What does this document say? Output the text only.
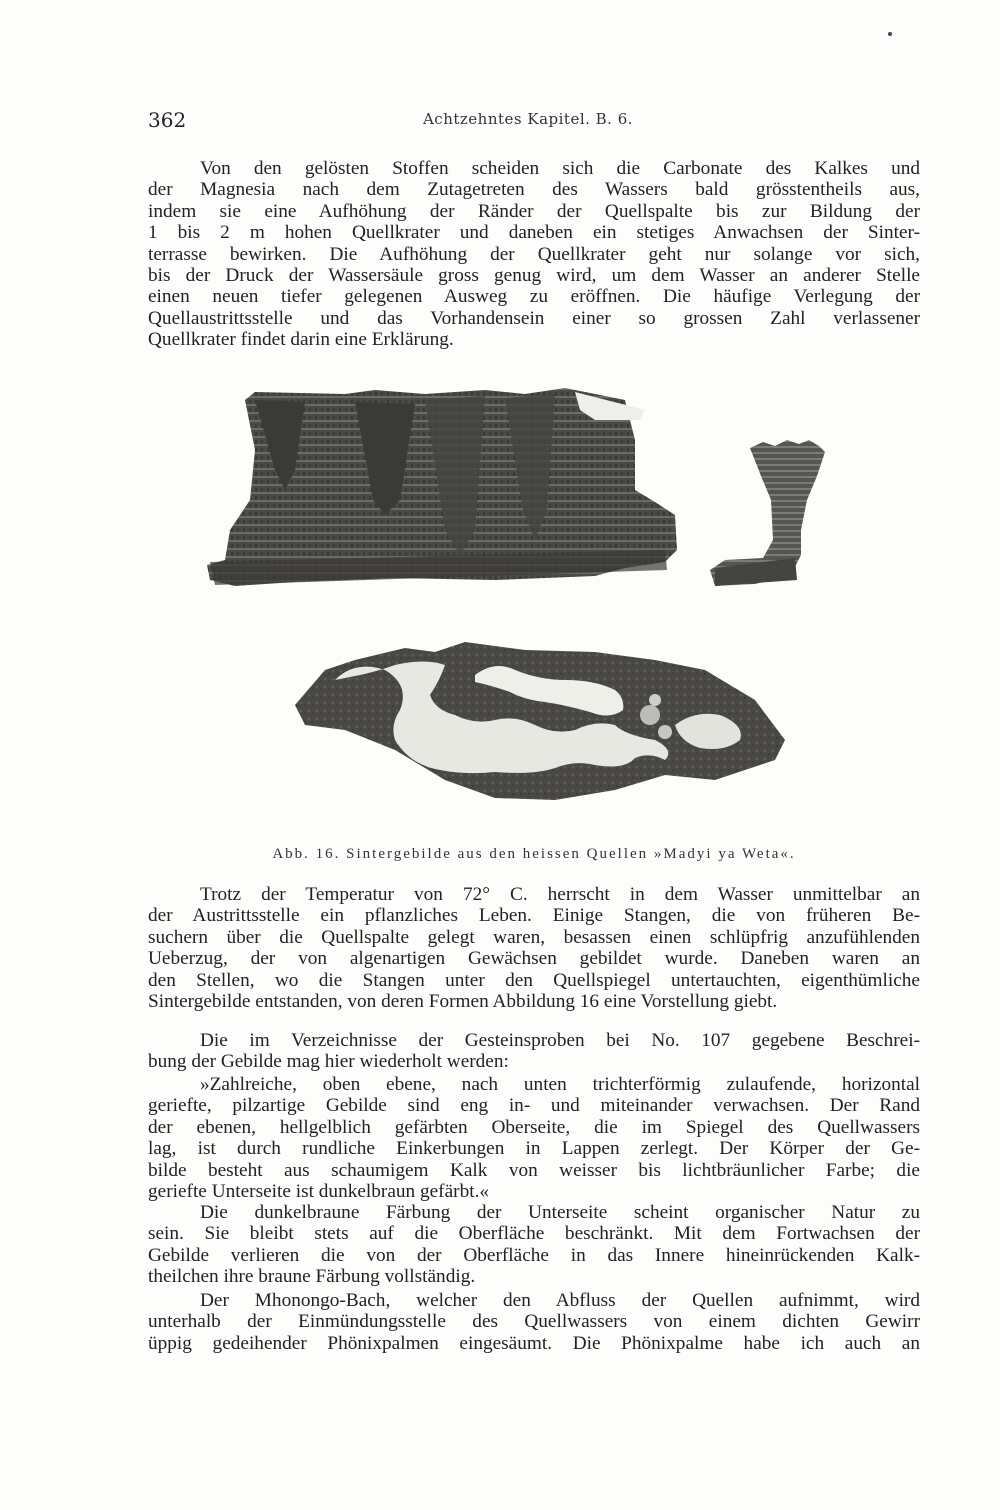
362	Achtzehntes Kapitel. B. 6.
Von den gelösten Stoffen scheiden sich die Carbonate des Kalkes und
der Magnesia nach dem Zutagetreten des Wassers bald grösstentheils aus,
indem sie eine Aufhöhung der Ränder der Quellspalte bis zur Bildung der
1 bis 2 m hohen Quellkrater und daneben ein stetiges Anwachsen der Sinter-
terrasse bewirken. Die Aufhöhung der Quellkrater geht nur solange vor sich,
bis der Druck der Wassersäule gross genug wird, um dem Wasser an anderer Stelle
einen neuen tiefer gelegenen Ausweg zu eröffnen. Die häufige Verlegung der
Quellaustrittsstelle und das Vorhandensein einer so grossen Zahl verlassener
Quellkrater findet darin eine Erklärung.
Abb. 16. Sintergebilde aus den heissen Quellen »Madyi ya Weta«.
Trotz der Temperatur von 72° C. herrscht in dem Wasser unmittelbar an
der Austrittsstelle ein pflanzliches Leben. Einige Stangen, die von früheren Be-
suchern über die Quellspalte gelegt waren, besassen einen schlüpfrig anzufühlenden
Ueberzug, der von algenartigen Gewächsen gebildet wurde. Daneben waren an
den Stellen, wo die Stangen unter den Quellspiegel untertauchten, eigenthümliche
Sintergebilde entstanden, von deren Formen Abbildung 16 eine Vorstellung giebt.
Die im Verzeichnisse der Gesteinsproben bei No. 107 gegebene Beschrei-
bung der Gebilde mag hier wiederholt werden:
»Zahlreiche, oben ebene, nach unten trichterförmig zulaufende, horizontal
geriefte, pilzartige Gebilde sind eng in- und miteinander verwachsen. Der Rand
der ebenen, hellgelblich gefärbten Oberseite, die im Spiegel des Quellwassers
lag, ist durch rundliche Einkerbungen in Lappen zerlegt. Der Körper der Ge-
bilde besteht aus schaumigem Kalk von weisser bis lichtbräunlicher Farbe; die
geriefte Unterseite ist dunkelbraun gefärbt.«
Die dunkelbraune Färbung der Unterseite scheint organischer Natur zu
sein. Sie bleibt stets auf die Oberfläche beschränkt. Mit dem Fortwachsen der
Gebilde verlieren die von der Oberfläche in das Innere hineinrückenden Kalk-
theilchen ihre braune Färbung vollständig.
Der Mhonongo-Bach, welcher den Abfluss der Quellen aufnimmt, wird
unterhalb der Einmündungsstelle des Quellwassers von einem dichten Gewirr
üppig gedeihender Phönixpalmen eingesäumt. Die Phönixpalme habe ich auch an
